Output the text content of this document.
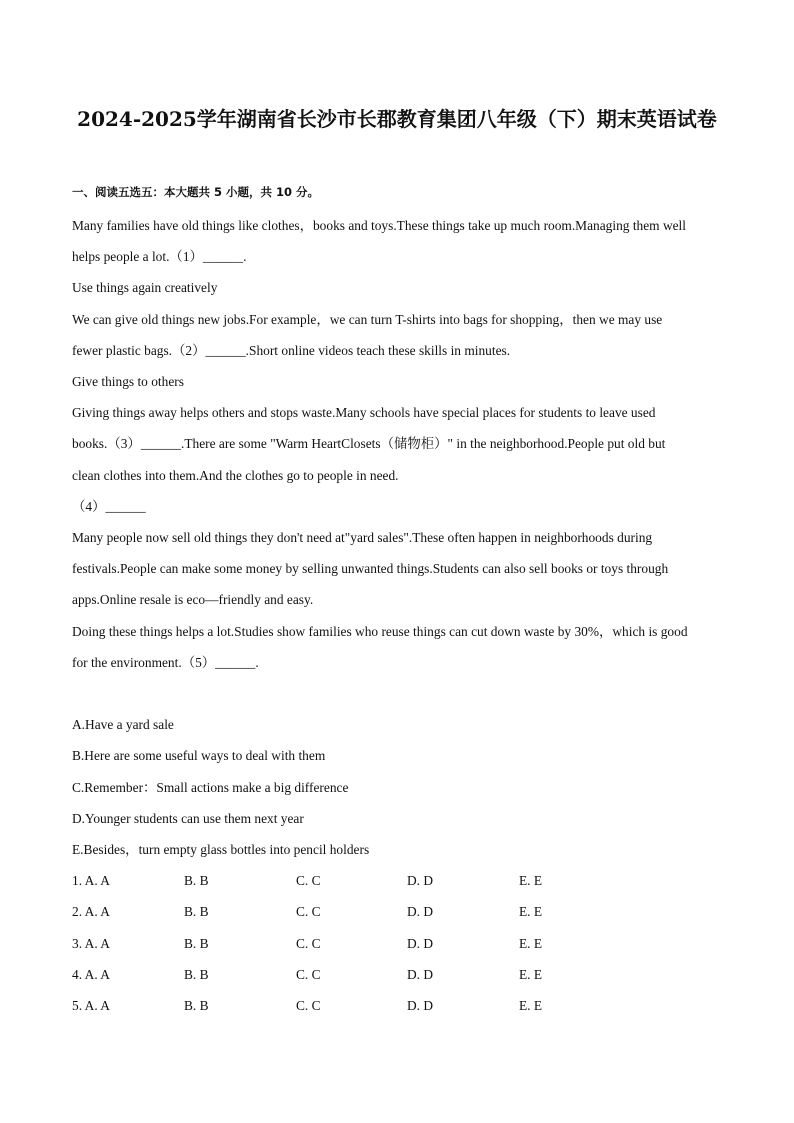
2024-2025学年湖南省长沙市长郡教育集团八年级（下）期末英语试卷

一、阅读五选五：本大题共 5 小题，共 10 分。

Many families have old things like clothes，books and toys.These things take up much room.Managing them well

helps people a lot.（1）______.

Use things again creatively

We can give old things new jobs.For example，we can turn T-shirts into bags for shopping，then we may use

fewer plastic bags.（2）______.Short online videos teach these skills in minutes.

Give things to others

Giving things away helps others and stops waste.Many schools have special places for students to leave used

books.（3）______.There are some "Warm HeartClosets（储物柜）" in the neighborhood.People put old but

clean clothes into them.And the clothes go to people in need.

（4）______

Many people now sell old things they don't need at"yard sales".These often happen in neighborhoods during

festivals.People can make some money by selling unwanted things.Students can also sell books or toys through

apps.Online resale is eco—friendly and easy.

Doing these things helps a lot.Studies show families who reuse things can cut down waste by 30%，which is good

for the environment.（5）______.

A.Have a yard sale

B.Here are some useful ways to deal with them

C.Remember：Small actions make a big difference

D.Younger students can use them next year

E.Besides，turn empty glass bottles into pencil holders

1. A. A	B. B	C. C	D. D	E. E
2. A. A	B. B	C. C	D. D	E. E
3. A. A	B. B	C. C	D. D	E. E
4. A. A	B. B	C. C	D. D	E. E
5. A. A	B. B	C. C	D. D	E. E
